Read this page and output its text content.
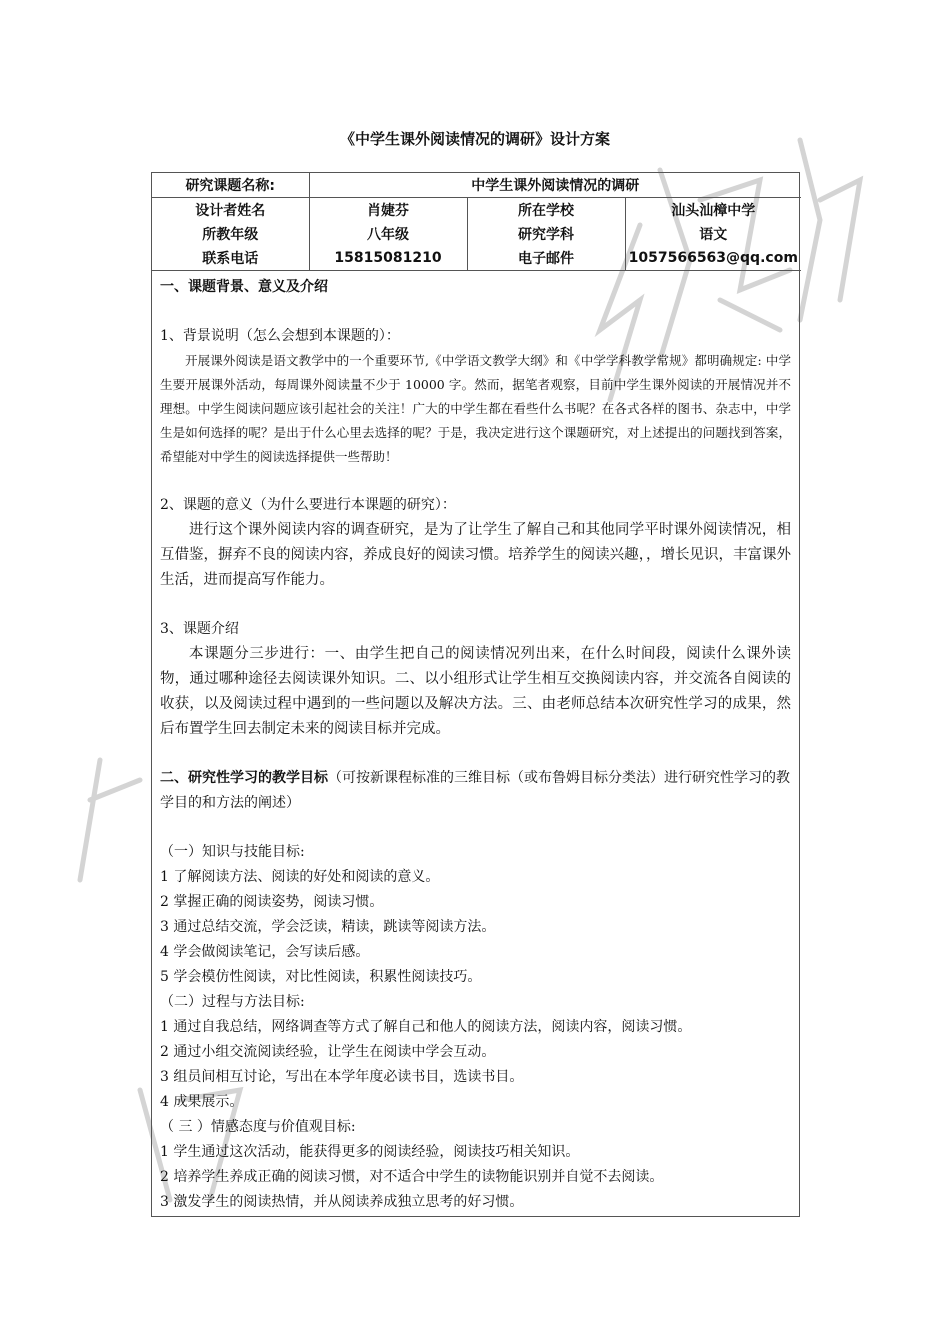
《中学生课外阅读情况的调研》设计方案
研究课题名称:	中学生课外阅读情况的调研		
设计者姓名	肖婕芬	所在学校	汕头汕樟中学
所教年级	八年级	研究学科	语文
联系电话	15815081210	电子邮件	1057566563@qq.com

一、课题背景、意义及介绍

1、背景说明（怎么会想到本课题的）：

开展课外阅读是语文教学中的一个重要环节,《中学语文教学大纲》和《中学学科教学常规》都明确规定: 中学生要开展课外活动，每周课外阅读量不少于 10000 字。然而，据笔者观察，目前中学生课外阅读的开展情况并不理想。中学生阅读问题应该引起社会的关注！广大的中学生都在看些什么书呢？在各式各样的图书、杂志中，中学生是如何选择的呢？是出于什么心里去选择的呢？于是，我决定进行这个课题研究，对上述提出的问题找到答案，希望能对中学生的阅读选择提供一些帮助！

2、课题的意义（为什么要进行本课题的研究）：

进行这个课外阅读内容的调查研究，是为了让学生了解自己和其他同学平时课外阅读情况，相互借鉴，摒弃不良的阅读内容，养成良好的阅读习惯。培养学生的阅读兴趣，，增长见识，丰富课外生活，进而提高写作能力。

3、课题介绍

本课题分三步进行：一、由学生把自己的阅读情况列出来，在什么时间段，阅读什么课外读物，通过哪种途径去阅读课外知识。二、以小组形式让学生相互交换阅读内容，并交流各自阅读的收获，以及阅读过程中遇到的一些问题以及解决方法。三、由老师总结本次研究性学习的成果，然后布置学生回去制定未来的阅读目标并完成。

二、研究性学习的教学目标（可按新课程标准的三维目标（或布鲁姆目标分类法）进行研究性学习的教学目的和方法的阐述）

（一）知识与技能目标:

1 了解阅读方法、阅读的好处和阅读的意义。

2 掌握正确的阅读姿势，阅读习惯。

3 通过总结交流，学会泛读，精读，跳读等阅读方法。

4 学会做阅读笔记，会写读后感。

5 学会模仿性阅读，对比性阅读，积累性阅读技巧。

（二）过程与方法目标:

1 通过自我总结，网络调查等方式了解自己和他人的阅读方法，阅读内容，阅读习惯。

2 通过小组交流阅读经验，让学生在阅读中学会互动。

3 组员间相互讨论，写出在本学年度必读书目，选读书目。

4 成果展示。

（ 三 ）情感态度与价值观目标:

1 学生通过这次活动，能获得更多的阅读经验，阅读技巧相关知识。

2 培养学生养成正确的阅读习惯，对不适合中学生的读物能识别并自觉不去阅读。

3 激发学生的阅读热情，并从阅读养成独立思考的好习惯。
